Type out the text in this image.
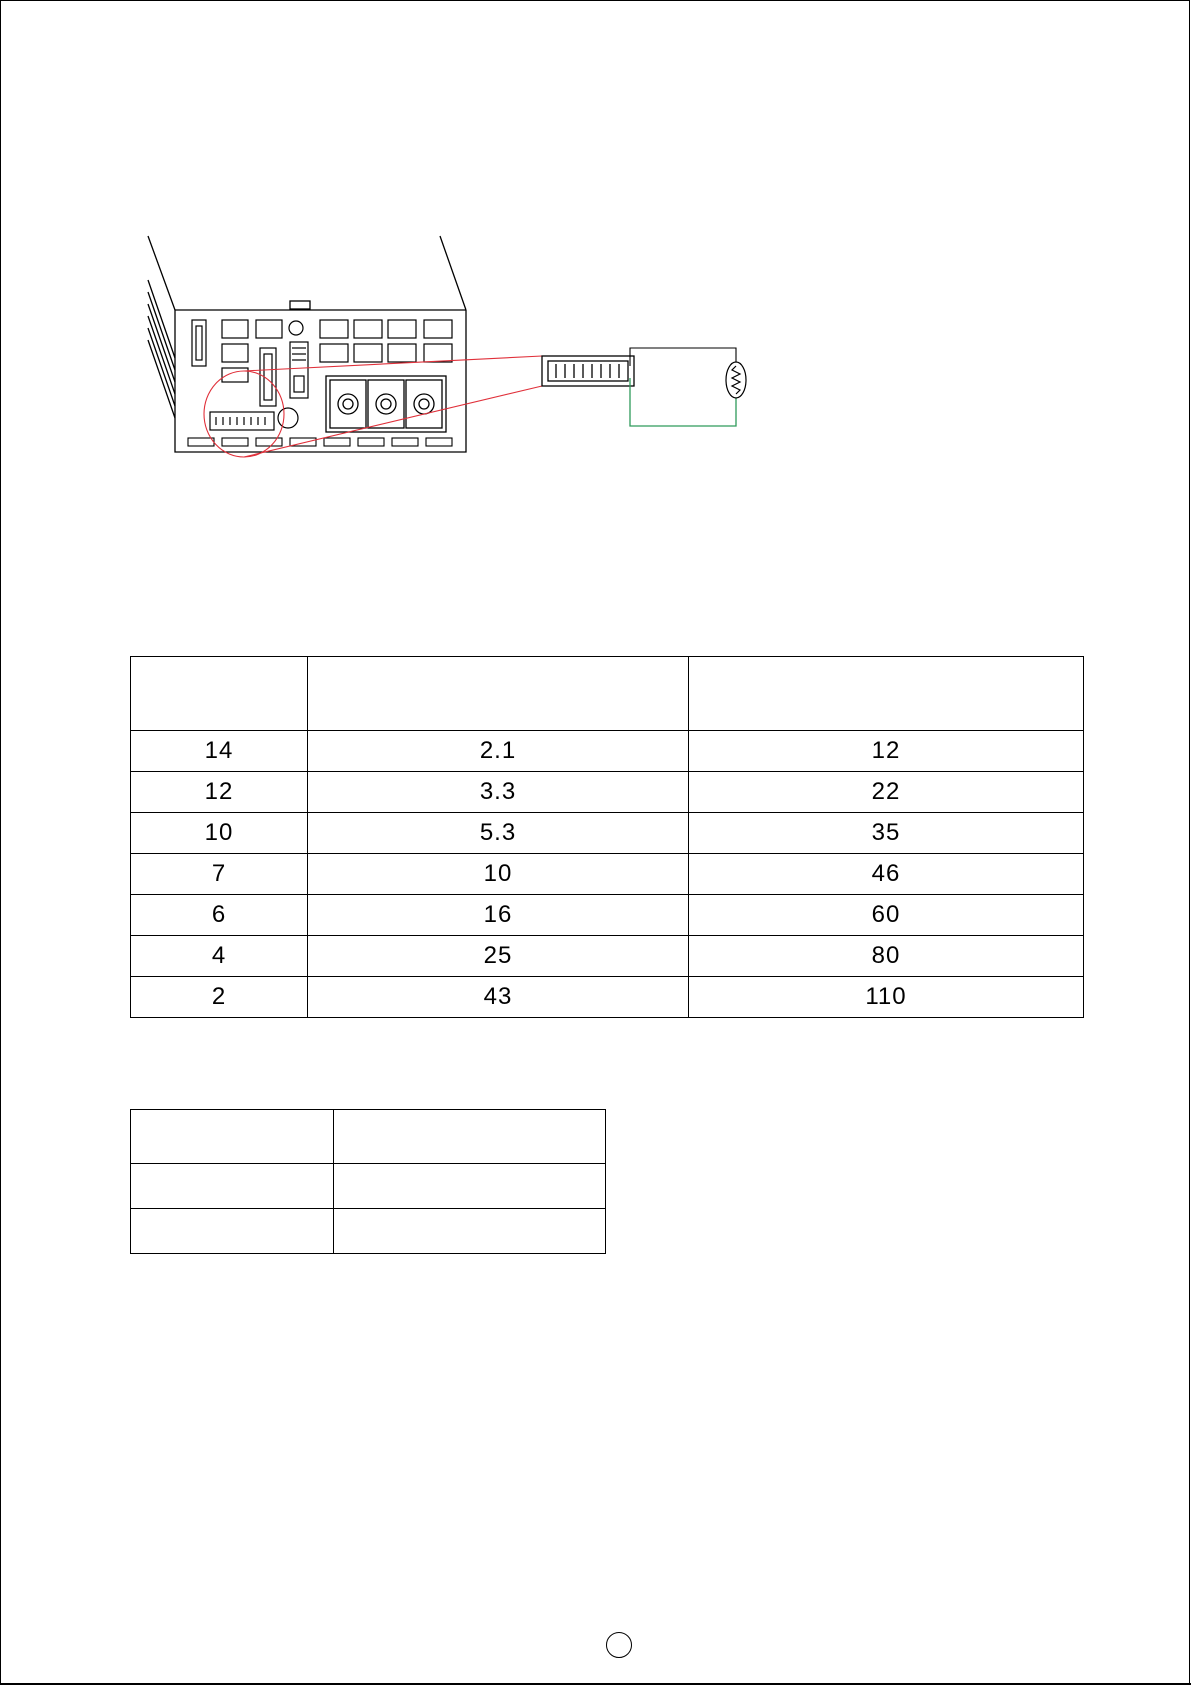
14	2.1	12
12	3.3	22
10	5.3	35
7	10	46
6	16	60
4	25	80
2	43	110
